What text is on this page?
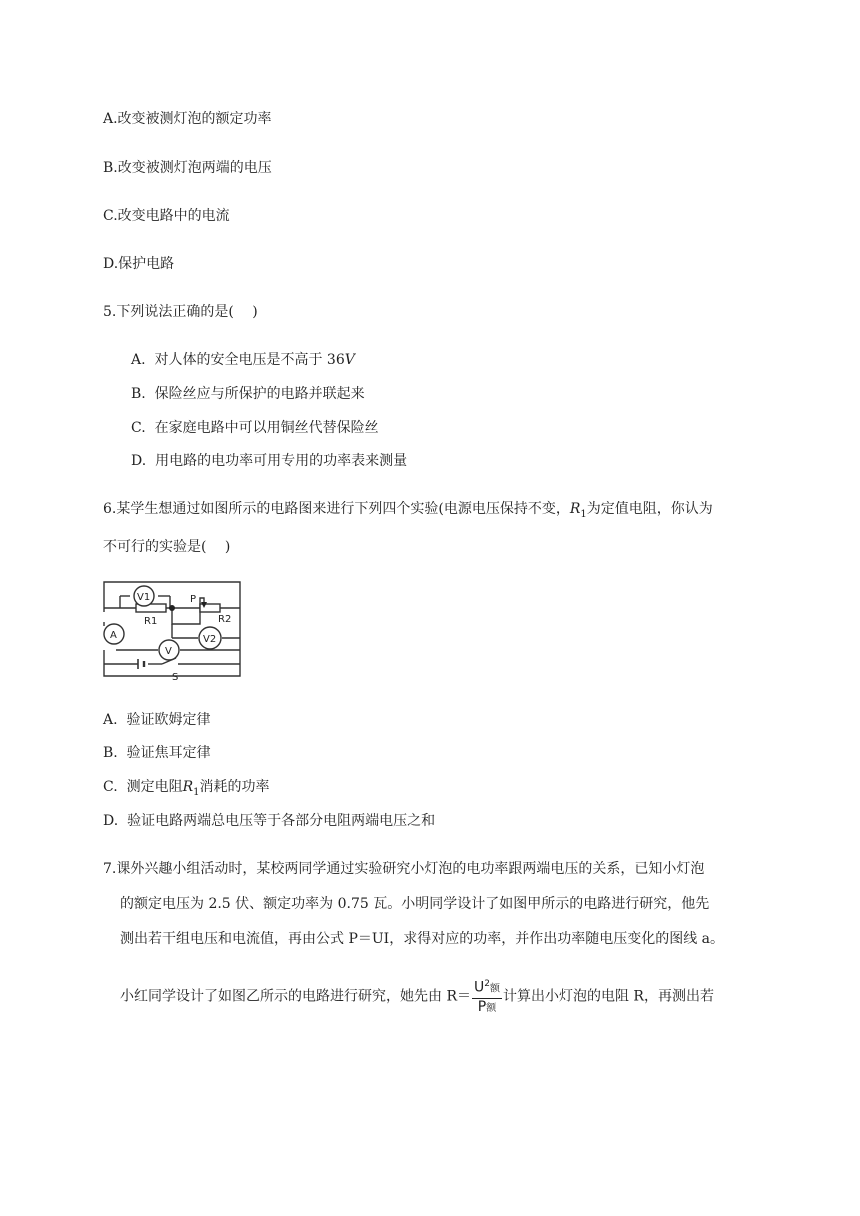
A.改变被测灯泡的额定功率
B.改变被测灯泡两端的电压
C.改变电路中的电流
D.保护电路
5.下列说法正确的是(　 )
A. 对人体的安全电压是不高于 36V
B. 保险丝应与所保护的电路并联起来
C. 在家庭电路中可以用铜丝代替保险丝
D. 用电路的电功率可用专用的功率表来测量
6.某学生想通过如图所示的电路图来进行下列四个实验(电源电压保持不变，$R_1$为定值电阻，你认为
不可行的实验是(　 )
V1
V2
A
V
R1	R2
P
S
A. 验证欧姆定律
B. 验证焦耳定律
C. 测定电阻$R_1$消耗的功率
D. 验证电路两端总电压等于各部分电阻两端电压之和
7.课外兴趣小组活动时，某校两同学通过实验研究小灯泡的电功率跟两端电压的关系，已知小灯泡
的额定电压为 2.5 伏、额定功率为 0.75 瓦。小明同学设计了如图甲所示的电路进行研究，他先
测出若干组电压和电流值，再由公式 P＝UI，求得对应的功率，并作出功率随电压变化的图线 a。
小红同学设计了如图乙所示的电路进行研究，她先由 $R= \frac{U^2额}{\text{P额}}$ 计算出小灯泡的电阻 R，再测出若
